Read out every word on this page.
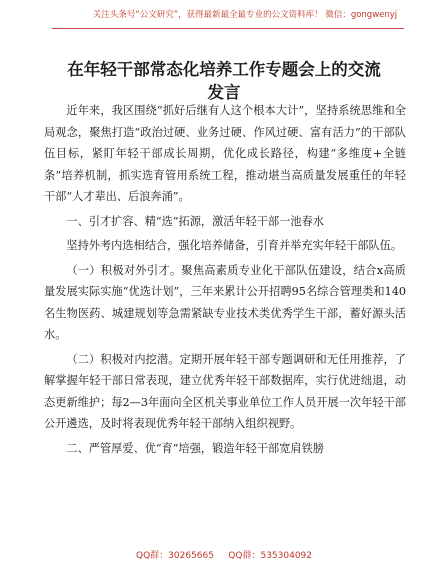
关注头条号“公文研究”，获得最新最全最专业的公文资料库！ 微信：gongwenyj
在年轻干部常态化培养工作专题会上的交流发言

近年来，我区围绕“抓好后继有人这个根本大计”，坚持系统思维和全局观念，聚焦打造“政治过硬、业务过硬、作风过硬、富有活力”的干部队伍目标，紧盯年轻干部成长周期，优化成长路径，构建“多维度+全链条”培养机制，抓实选育管用系统工程，推动堪当高质量发展重任的年轻干部“人才辈出、后浪奔涌”。

一、引才扩容、精“选”拓源，激活年轻干部一池春水

坚持外考内选相结合，强化培养储备，引育并举充实年轻干部队伍。

（一）积极对外引才。聚焦高素质专业化干部队伍建设，结合x高质量发展实际实施“优选计划”，三年来累计公开招聘95名综合管理类和140名生物医药、城建规划等急需紧缺专业技术类优秀学生干部，蓄好源头活水。

（二）积极对内挖潜。定期开展年轻干部专题调研和无任用推荐，了解掌握年轻干部日常表现，建立优秀年轻干部数据库，实行优进绌退，动态更新维护；每2—3年面向全区机关事业单位工作人员开展一次年轻干部公开遴选，及时将表现优秀年轻干部纳入组织视野。

二、严管厚爱、优“育”培强，锻造年轻干部宽肩铁膀

QQ群：30265665 QQ群：535304092
